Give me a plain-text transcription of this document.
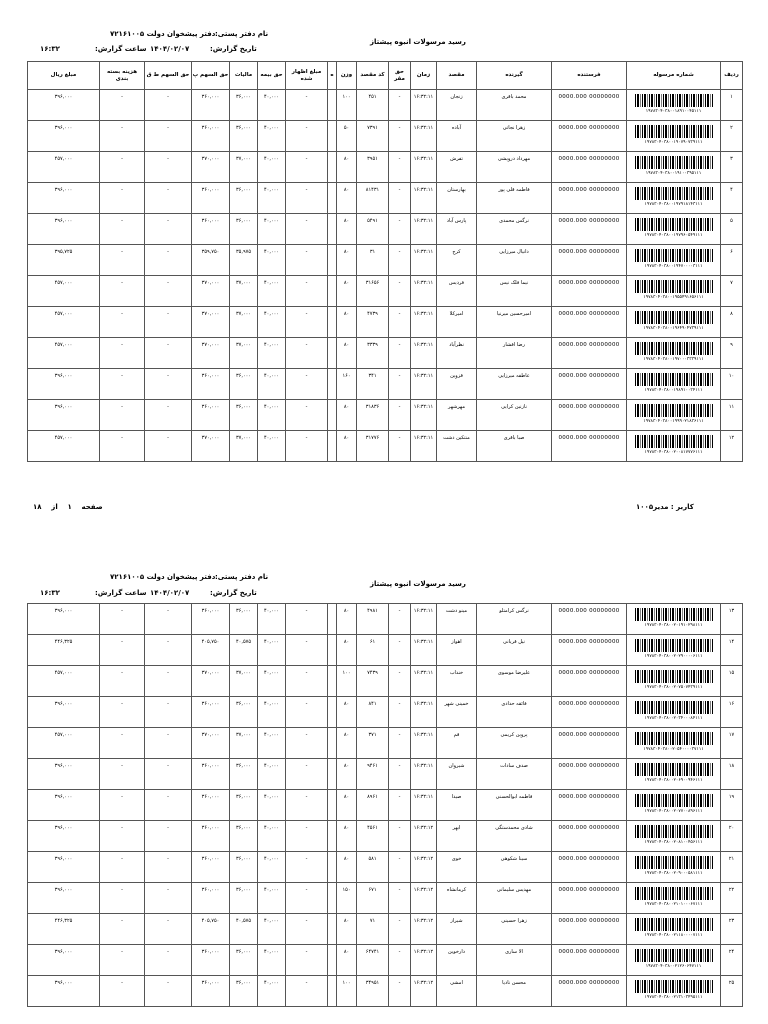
رسید مرسولات انبوه پیشتاز
نام دفتر پستی:
دفتر پیشخوان دولت ۷۲۱۶۱۰۰۵
تاریخ گزارش:
۱۴۰۴/۰۲/۰۷
ساعت گزارش:
۱۶:۳۲
ردیف	شماره مرسوله	فرستنده	گیرنده	مقصد	زمان	حق مقر	کد مقصد	وزن	ه	مبلغ اظهار شده	حق بیمه	مالیات	حق السهم پ	حق السهم ط ق	هزینه بسته بندی	مبلغ ریال
۱	۱۹۷۸۳۰۴۰۳۸۰۰۱۸۹۱۰۰۴۵۱۱۱	00000000 0000.000	محمد باقری	زنجان	۱۶:۳۲:۱۱	-	۴۵۱	۱۰۰		-	۴۰,۰۰۰	۳۶,۰۰۰	۳۶۰,۰۰۰	-	-	۳۹۶,۰۰۰
۲	۱۹۷۸۳۰۴۰۳۸۰۰۱۹۰۷۹۰۷۳۹۱۱۱	00000000 0000.000	زهرا نجاتی	آباده	۱۶:۳۲:۱۱	-	۷۳۹۱	۵۰		-	۴۰,۰۰۰	۳۶,۰۰۰	۳۶۰,۰۰۰	-	-	۳۹۶,۰۰۰
۳	۱۹۷۸۳۰۴۰۳۸۰۰۱۹۱۰۰۳۹۵۱۱۱	00000000 0000.000	مهرداد درویشی	تفرش	۱۶:۳۲:۱۱	-	۳۹۵۱	۸۰		-	۴۰,۰۰۰	۳۷,۰۰۰	۳۷۰,۰۰۰	-	-	۴۵۷,۰۰۰
۴	۱۹۷۸۳۰۴۰۳۸۰۰۱۹۷۹۱۸۱۴۳۱۱۱	00000000 0000.000	فاطمه قلی پور	بهارستان	۱۶:۳۲:۱۱	-	۸۱۴۳۱	۸۰		-	۴۰,۰۰۰	۳۶,۰۰۰	۳۶۰,۰۰۰	-	-	۳۹۶,۰۰۰
۵	۱۹۷۸۳۰۴۰۳۸۰۰۱۹۷۹۶۰۵۴۹۱۱۱	00000000 0000.000	نرگس محمدی	پارس آباد	۱۶:۳۲:۱۱	-	۵۴۹۱	۸۰		-	۴۰,۰۰۰	۳۶,۰۰۰	۳۶۰,۰۰۰	-	-	۳۹۶,۰۰۰
۶	۱۹۷۸۳۰۴۰۳۸۰۰۱۹۴۷۰۰۰۰۳۱۱۱	00000000 0000.000	دانیال میرزایی	کرج	۱۶:۳۲:۱۱	-	۳۱	۸۰		-	۴۰,۰۰۰	۳۵,۹۷۵	۳۵۹,۷۵۰	-	-	۳۹۵,۷۲۵
۷	۱۹۷۸۳۰۴۰۳۸۰۰۱۹۵۵۴۹۱۶۵۶۱۱۱	00000000 0000.000	نیما فلک نیس	فردیس	۱۶:۳۲:۱۱	-	۳۱۶۵۶	۸۰		-	۴۰,۰۰۰	۳۷,۰۰۰	۳۷۰,۰۰۰	-	-	۴۵۷,۰۰۰
۸	۱۹۷۸۳۰۴۰۳۸۰۰۱۹۶۴۹۰۴۷۳۹۱۱۱	00000000 0000.000	امیرحسین میرنیا	امیرکلا	۱۶:۳۲:۱۱	-	۴۷۳۹	۸۰		-	۴۰,۰۰۰	۳۷,۰۰۰	۳۷۰,۰۰۰	-	-	۴۵۷,۰۰۰
۹	۱۹۷۸۳۰۴۰۳۸۰۰۱۹۷۰۰۰۳۳۳۹۱۱۱	00000000 0000.000	رضا افشار	نظرآباد	۱۶:۳۲:۱۱	-	۳۳۳۹	۸۰		-	۴۰,۰۰۰	۳۷,۰۰۰	۳۷۰,۰۰۰	-	-	۴۵۷,۰۰۰
۱۰	۱۹۷۸۳۰۴۰۳۸۰۰۱۹۸۹۱۰۰۳۴۱۱۱	00000000 0000.000	عاطفه میرزایی	قزوین	۱۶:۳۲:۱۱	-	۳۴۱	۱۶۰		-	۴۰,۰۰۰	۳۶,۰۰۰	۳۶۰,۰۰۰	-	-	۳۹۶,۰۰۰
۱۱	۱۹۷۸۳۰۴۰۳۸۰۰۱۹۹۹۰۲۱۸۳۶۱۱۱	00000000 0000.000	نازنین کرایی	مهرشهر	۱۶:۳۲:۱۱	-	۳۱۸۳۶	۸۰		-	۴۰,۰۰۰	۳۶,۰۰۰	۳۶۰,۰۰۰	-	-	۳۹۶,۰۰۰
۱۲	۱۹۷۸۳۰۴۰۳۸۰۰۲۰۰۸۱۷۷۷۶۱۱۱	00000000 0000.000	صبا باقری	منتکین دشت	۱۶:۳۲:۱۱	-	۳۱۷۷۶	۸۰		-	۴۰,۰۰۰	۳۷,۰۰۰	۳۷۰,۰۰۰	-	-	۴۵۷,۰۰۰
کاربر : مدیر۱۰۰۵
صفحه    ۱    از    ۱۸
رسید مرسولات انبوه پیشتاز
نام دفتر پستی:
دفتر پیشخوان دولت ۷۲۱۶۱۰۰۵
تاریخ گزارش:
۱۴۰۴/۰۲/۰۷
ساعت گزارش:
۱۶:۳۲
۱۳	۱۹۷۸۳۰۴۰۳۸۰۰۲۰۱۹۱۰۲۹۸۱۱۱	00000000 0000.000	نرگس کرامتلو	مینو دشت	۱۶:۳۲:۱۱	-	۴۹۸۱	۸۰		-	۴۰,۰۰۰	۳۶,۰۰۰	۳۶۰,۰۰۰	-	-	۳۹۶,۰۰۰
۱۴	۱۹۷۸۳۰۴۰۳۸۰۰۲۰۲۹۰۰۰۰۶۱۱۱	00000000 0000.000	نیل قربانی	اهواز	۱۶:۳۲:۱۱	-	۶۱	۸۰		-	۴۰,۰۰۰	۴۰,۵۷۵	۴۰۵,۷۵۰	-	-	۴۴۶,۳۲۵
۱۵	۱۹۷۸۳۰۴۰۳۸۰۰۲۰۷۵۰۷۴۳۹۱۱۱	00000000 0000.000	علیرضا موسوی	خنداب	۱۶:۳۲:۱۱	-	۷۴۳۹	۱۰۰		-	۴۰,۰۰۰	۳۷,۰۰۰	۳۷۰,۰۰۰	-	-	۴۵۷,۰۰۰
۱۶	۱۹۷۸۳۰۴۰۳۸۰۰۲۰۳۴۰۰۰۸۴۱۱۱	00000000 0000.000	فائقه حدادی	خمینی شهر	۱۶:۳۲:۱۱	-	۸۴۱	۸۰		-	۴۰,۰۰۰	۳۶,۰۰۰	۳۶۰,۰۰۰	-	-	۳۹۶,۰۰۰
۱۷	۱۹۷۸۳۰۴۰۳۸۰۰۲۰۵۴۰۰۰۰۳۷۱۱۱	00000000 0000.000	پروین کریمی	قم	۱۶:۳۲:۱۱	-	۳۷۱	۸۰		-	۴۰,۰۰۰	۳۷,۰۰۰	۳۷۰,۰۰۰	-	-	۴۵۷,۰۰۰
۱۸	۱۹۷۸۳۰۴۰۳۸۰۰۲۰۶۹۰۰۹۴۶۱۱۱	00000000 0000.000	صدف سادات	شیروان	۱۶:۳۲:۱۱	-	۹۴۶۱	۸۰		-	۴۰,۰۰۰	۳۶,۰۰۰	۳۶۰,۰۰۰	-	-	۳۹۶,۰۰۰
۱۹	۱۹۷۸۳۰۴۰۳۸۰۰۲۰۷۷۰۰۸۹۶۱۱۱	00000000 0000.000	فاطمه ابوالحسنی	صیدا	۱۶:۳۲:۱۱	-	۸۹۶۱	۸۰		-	۴۰,۰۰۰	۳۶,۰۰۰	۳۶۰,۰۰۰	-	-	۳۹۶,۰۰۰
۲۰	۱۹۷۸۳۰۴۰۳۸۰۰۲۰۸۱۰۰۴۵۶۱۱۱	00000000 0000.000	شادی محمدستگی	ابهر	۱۶:۳۲:۱۲	-	۴۵۶۱	۸۰		-	۴۰,۰۰۰	۳۶,۰۰۰	۳۶۰,۰۰۰	-	-	۳۹۶,۰۰۰
۲۱	۱۹۷۸۳۰۴۰۳۸۰۰۲۰۹۰۰۰۵۸۱۱۱۱	00000000 0000.000	سینا شکوهی	خوی	۱۶:۳۲:۱۲	-	۵۸۱	۸۰		-	۴۰,۰۰۰	۳۶,۰۰۰	۳۶۰,۰۰۰	-	-	۳۹۶,۰۰۰
۲۲	۱۹۷۸۳۰۴۰۳۸۰۰۲۱۰۱۰۰۰۶۷۱۱۱	00000000 0000.000	مهدیس سلیمانی	کرمانشاه	۱۶:۳۲:۱۲	-	۶۷۱	۱۵۰		-	۴۰,۰۰۰	۳۶,۰۰۰	۳۶۰,۰۰۰	-	-	۳۹۶,۰۰۰
۲۳	۱۹۷۸۳۰۴۰۳۸۰۰۲۱۱۸۰۰۰۰۷۱۱۱	00000000 0000.000	زهرا حسینی	شیراز	۱۶:۳۲:۱۲	-	۷۱	۸۰		-	۴۰,۰۰۰	۴۰,۵۷۵	۴۰۵,۷۵۰	-	-	۴۴۶,۳۲۵
۲۴	۱۹۷۸۳۰۴۰۳۸۰۰۲۱۲۶۰۶۴۷۱۱۱	00000000 0000.000	الا ساری	دارخوین	۱۶:۳۲:۱۲	-	۶۴۷۴۱	۸۰		-	۴۰,۰۰۰	۳۶,۰۰۰	۳۶۰,۰۰۰	-	-	۳۹۶,۰۰۰
۲۵	۱۹۷۸۳۰۴۰۳۸۰۰۲۱۳۱۰۳۴۹۵۱۱۱	00000000 0000.000	محسن نادیا	امشی	۱۶:۳۲:۱۲	-	۳۴۹۵۱	۱۰۰		-	۴۰,۰۰۰	۳۶,۰۰۰	۳۶۰,۰۰۰	-	-	۳۹۶,۰۰۰
